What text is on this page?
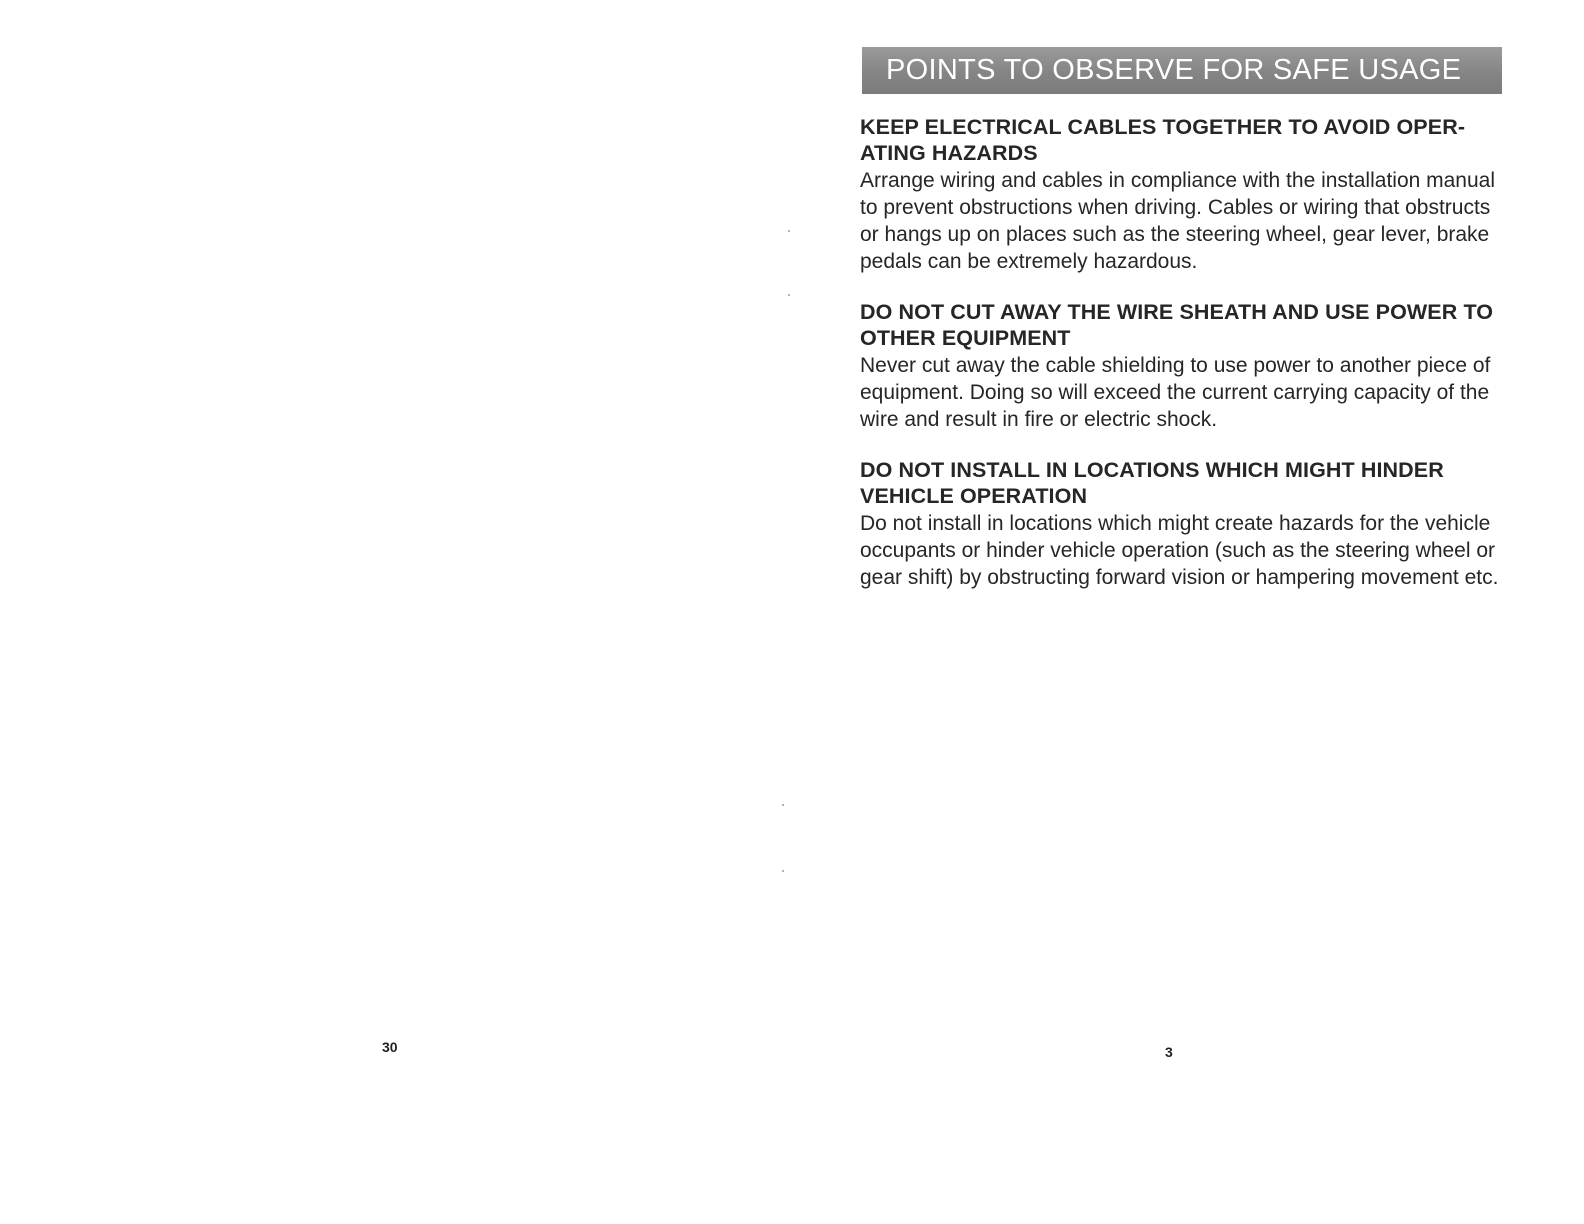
30
POINTS TO OBSERVE FOR SAFE USAGE
KEEP ELECTRICAL CABLES TOGETHER TO AVOID OPER-ATING HAZARDS
Arrange wiring and cables in compliance with the installation manual to prevent obstructions when driving. Cables or wiring that obstructs or hangs up on places such as the steering wheel, gear lever, brake pedals can be extremely hazardous.
DO NOT CUT AWAY THE WIRE SHEATH AND USE POWER TO OTHER EQUIPMENT
Never cut away the cable shielding to use power to another piece of equipment. Doing so will exceed the current carrying capacity of the wire and result in fire or electric shock.
DO NOT INSTALL IN LOCATIONS WHICH MIGHT HINDER VEHICLE OPERATION
Do not install in locations which might create hazards for the vehicle occupants or hinder vehicle operation (such as the steering wheel or gear shift) by obstructing forward vision or hampering movement etc.
3
